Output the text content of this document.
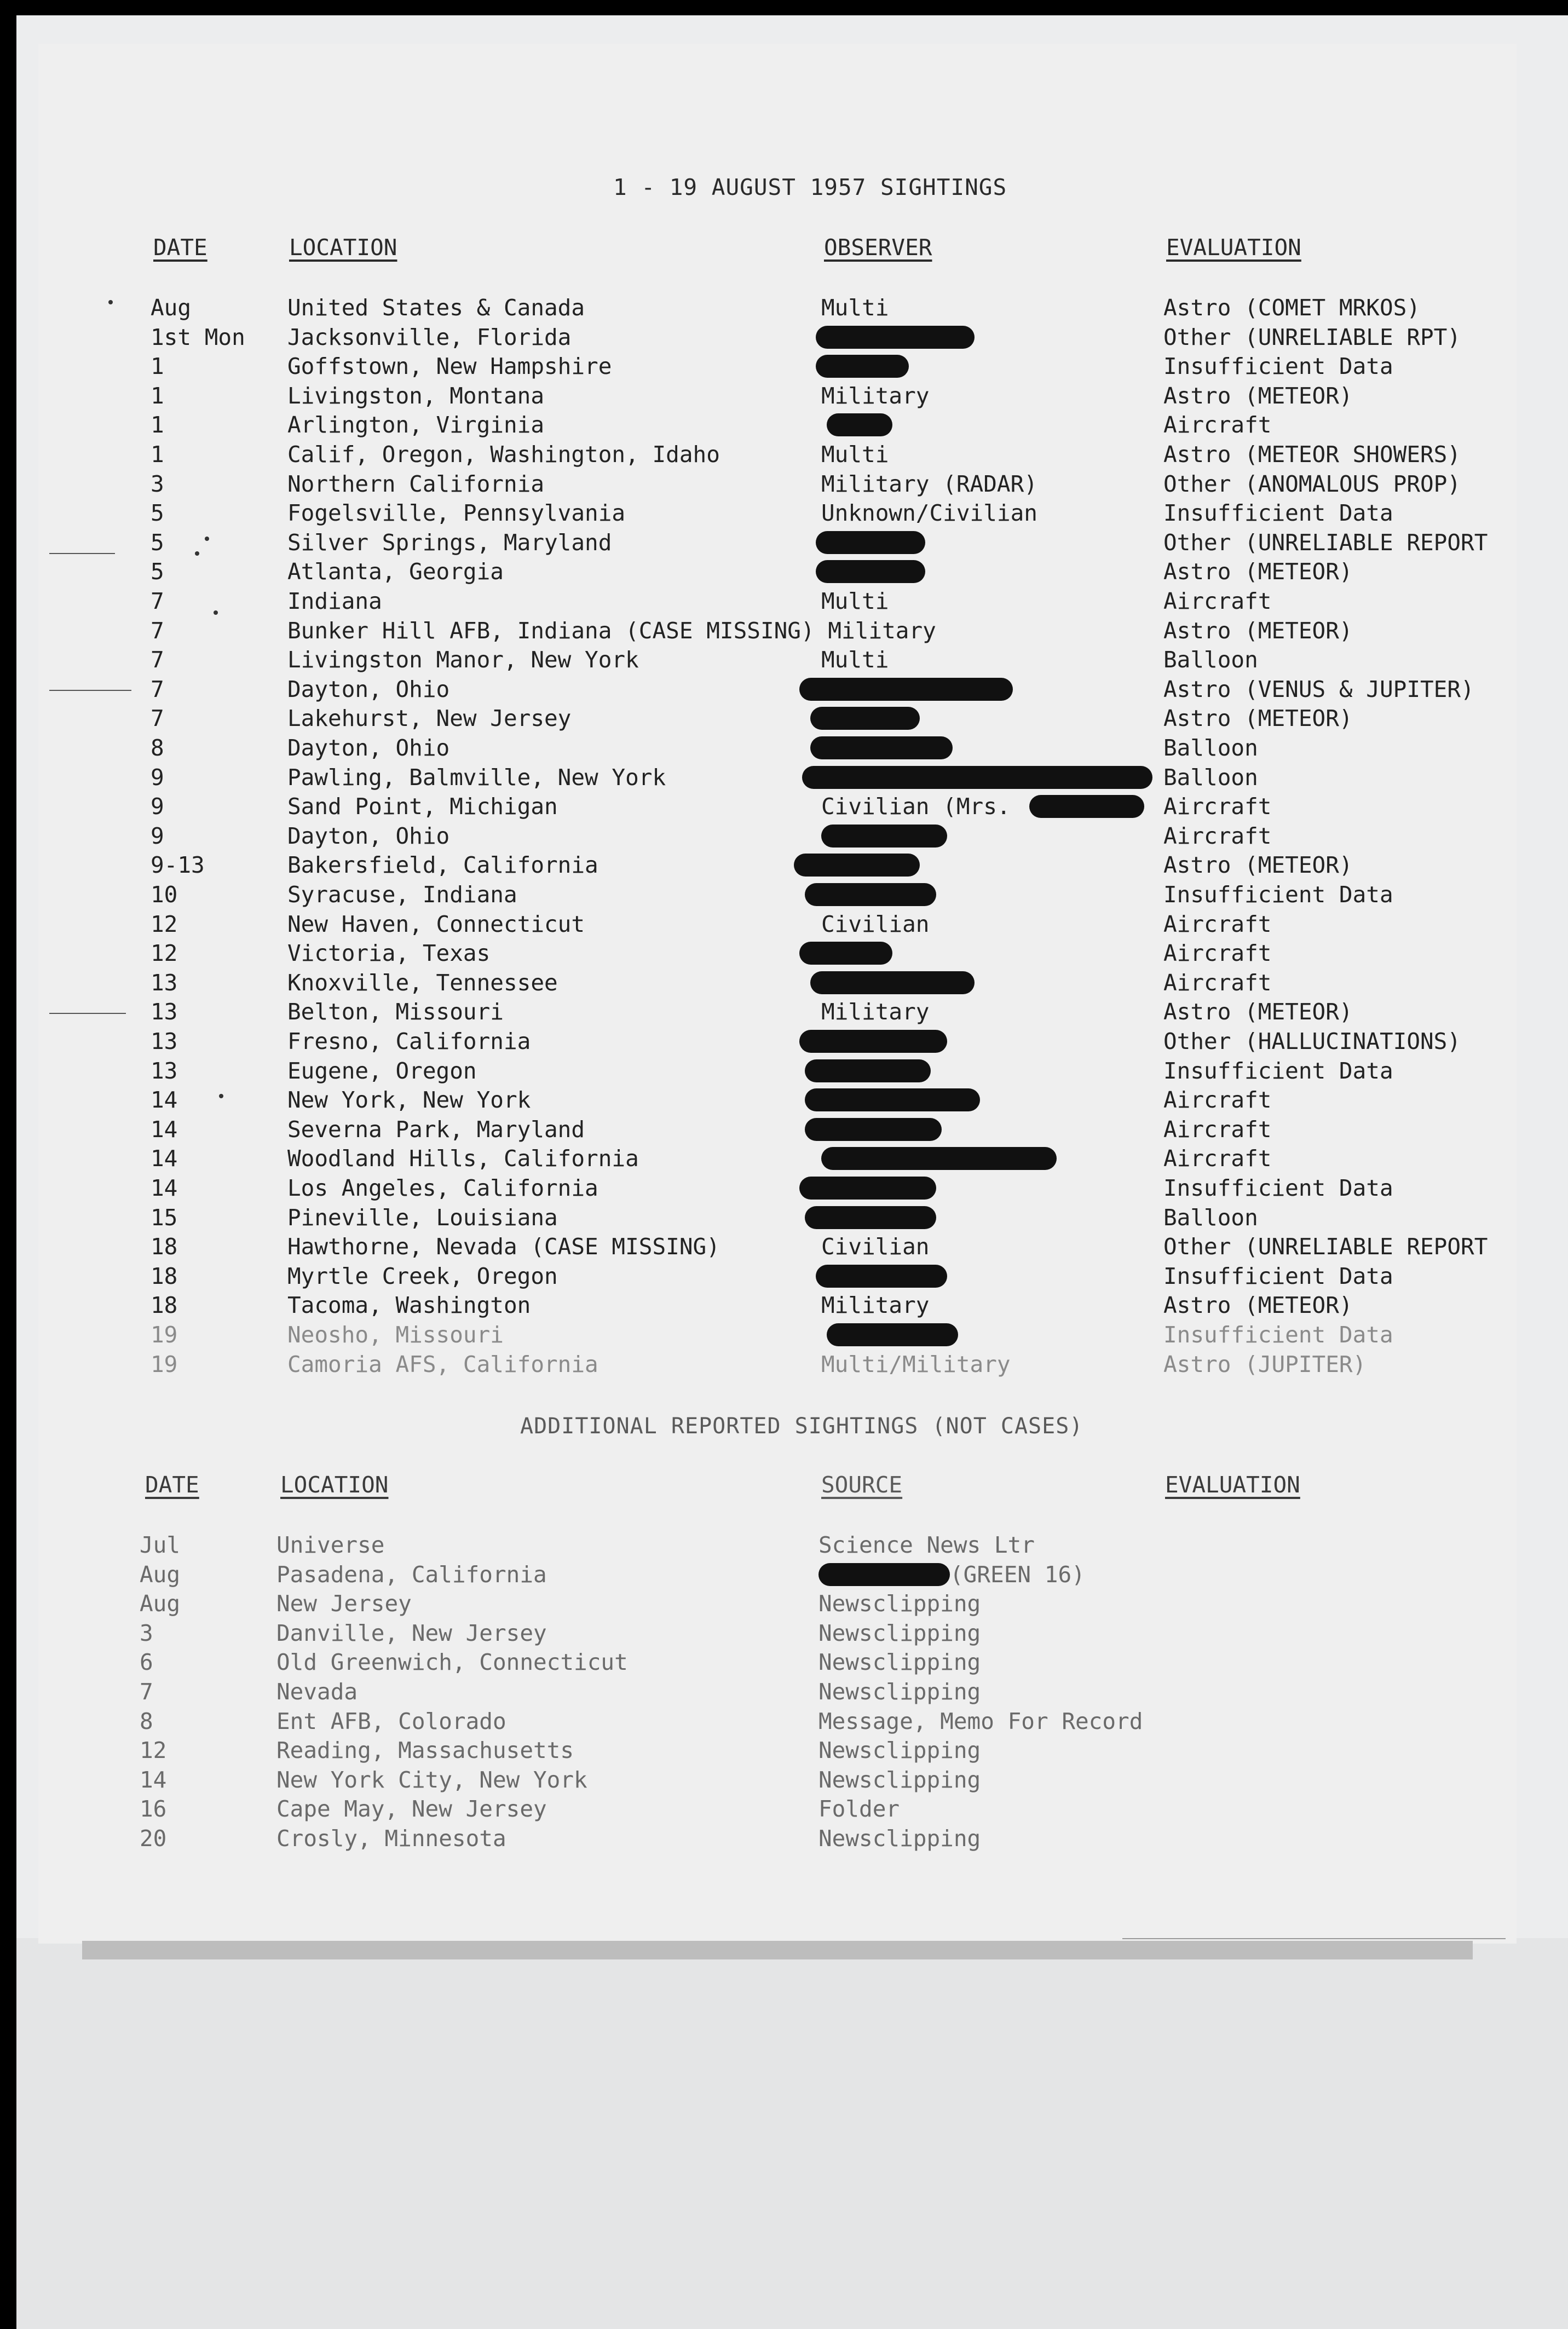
1 - 19 AUGUST 1957 SIGHTINGS
DATE	LOCATION	OBSERVER	EVALUATION
Aug	United States & Canada	Multi	Astro (COMET MRKOS)
1st Mon Jacksonville, Florida	Other (UNRELIABLE RPT)
1	Goffstown, New Hampshire	Insufficient Data
1	Livingston, Montana	Military	Astro (METEOR)
1	Arlington, Virginia	Aircraft
1	Calif, Oregon, Washington, Idaho	Multi	Astro (METEOR SHOWERS)
3	Northern California	Military (RADAR)	Other (ANOMALOUS PROP)
5	Fogelsville, Pennsylvania	Unknown/Civilian	Insufficient Data
5	Silver Springs, Maryland	Other (UNRELIABLE REPORT
5	Atlanta, Georgia	Astro (METEOR)
7	Indiana	Multi	Aircraft
7	Bunker Hill AFB, Indiana (CASE MISSING) Military	Astro (METEOR)
7	Livingston Manor, New York	Multi	Balloon
7	Dayton, Ohio	Astro (VENUS & JUPITER)
7	Lakehurst, New Jersey	Astro (METEOR)
8	Dayton, Ohio	Balloon
9	Pawling, Balmville, New York	Balloon
9	Sand Point, Michigan	Civilian (Mrs.	Aircraft
9	Dayton, Ohio	Aircraft
9-13	Bakersfield, California	Astro (METEOR)
10	Syracuse, Indiana	Insufficient Data
12	New Haven, Connecticut	Civilian	Aircraft
12	Victoria, Texas	Aircraft
13	Knoxville, Tennessee	Aircraft
13	Belton, Missouri	Military	Astro (METEOR)
13	Fresno, California	Other (HALLUCINATIONS)
13	Eugene, Oregon	Insufficient Data
14	New York, New York	Aircraft
14	Severna Park, Maryland	Aircraft
14	Woodland Hills, California	Aircraft
14	Los Angeles, California	Insufficient Data
15	Pineville, Louisiana	Balloon
18	Hawthorne, Nevada (CASE MISSING)	Civilian	Other (UNRELIABLE REPORT
18	Myrtle Creek, Oregon	Insufficient Data
18	Tacoma, Washington	Military	Astro (METEOR)
19	Neosho, Missouri	Insufficient Data
19	Camoria AFS, California	Multi/Military	Astro (JUPITER)
ADDITIONAL REPORTED SIGHTINGS (NOT CASES)
DATE	LOCATION	SOURCE	EVALUATION
Jul	Universe	Science News Ltr
Aug	Pasadena, California	(GREEN 16)
Aug	New Jersey	Newsclipping
3	Danville, New Jersey	Newsclipping
6	Old Greenwich, Connecticut	Newsclipping
7	Nevada	Newsclipping
8	Ent AFB, Colorado	Message, Memo For Record
12	Reading, Massachusetts	Newsclipping
14	New York City, New York	Newsclipping
16	Cape May, New Jersey	Folder
20	Crosly, Minnesota	Newsclipping
